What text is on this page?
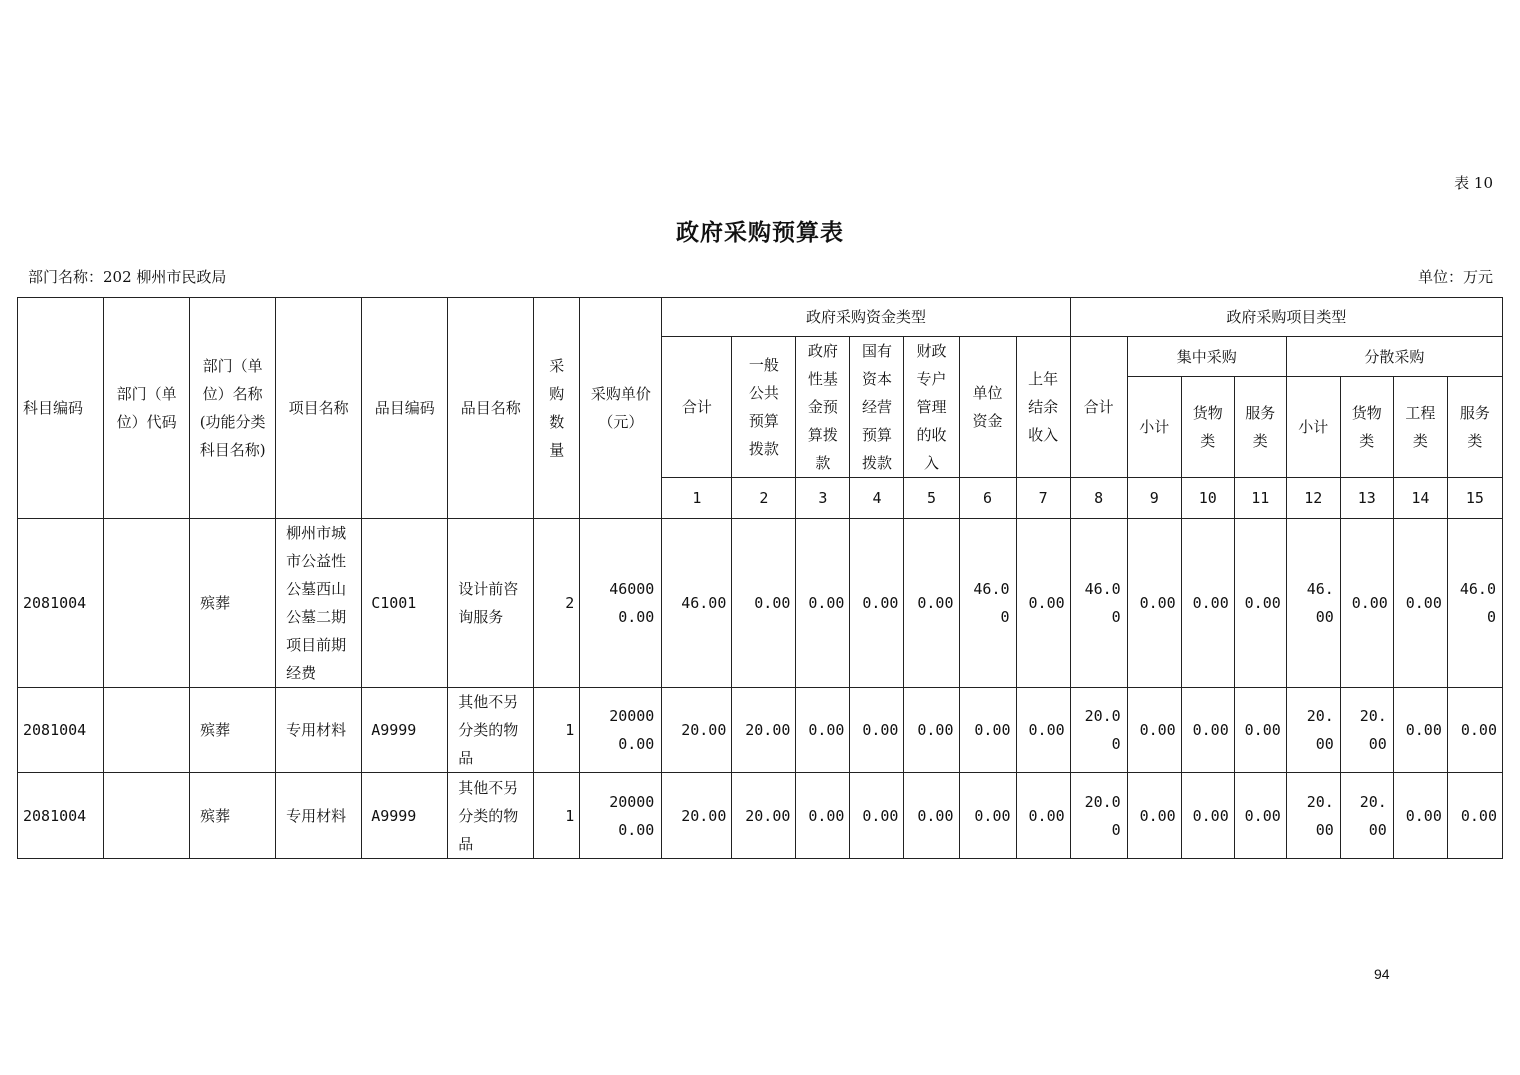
表 10
政府采购预算表
部门名称：202 柳州市民政局	单位：万元
科目编码	部门（单位）代码	部门（单位）名称(功能分类科目名称)	项目名称	品目编码	品目名称	采购数量	采购单价（元）	政府采购资金类型							政府采购项目类型							
								合计	一般公共预算拨款	政府性基金预算拨款	国有资本经营预算拨款	财政专户管理的收入	单位资金	上年结余收入	合计	集中采购			分散采购			
																小计	货物类	服务类	小计	货物类	工程类	服务类
								1	2	3	4	5	6	7	8	9	10	11	12	13	14	15
2081004		殡葬	柳州市城市公益性公墓西山公墓二期项目前期经费	C1001	设计前咨询服务	2	460000.00	46.00	0.00	0.00	0.00	0.00	46.00	0.00	46.00	0.00	0.00	0.00	46.00	0.00	0.00	46.00
2081004		殡葬	专用材料	A9999	其他不另分类的物品	1	200000.00	20.00	20.00	0.00	0.00	0.00	0.00	0.00	20.00	0.00	0.00	0.00	20.00	20.00	0.00	0.00
2081004		殡葬	专用材料	A9999	其他不另分类的物品	1	200000.00	20.00	20.00	0.00	0.00	0.00	0.00	0.00	20.00	0.00	0.00	0.00	20.00	20.00	0.00	0.00
94
